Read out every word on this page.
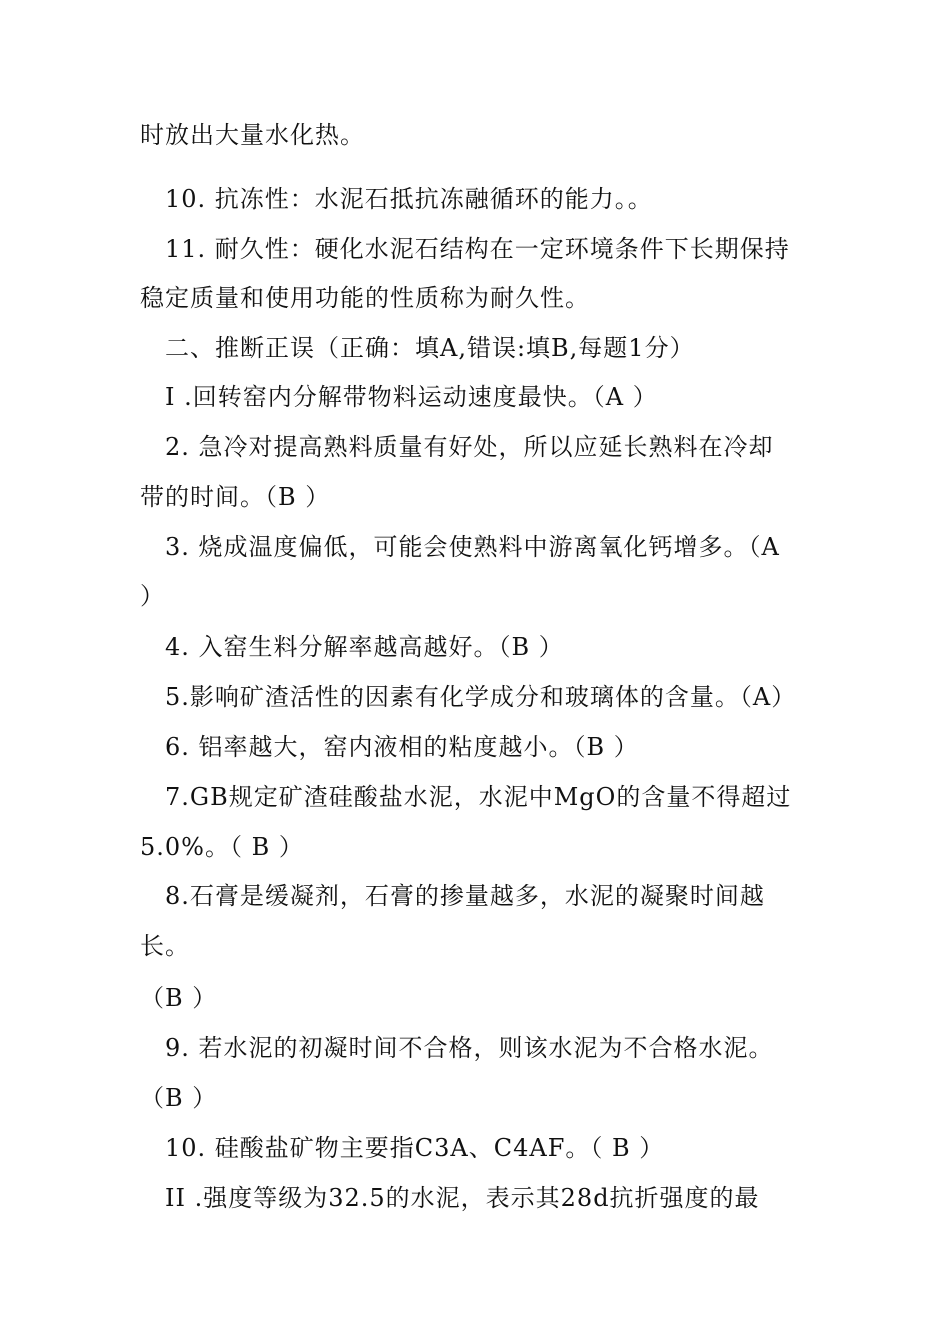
时放出大量水化热。
10. 抗冻性：水泥石抵抗冻融循环的能力。。
11. 耐久性：硬化水泥石结构在一定环境条件下长期保持
稳定质量和使用功能的性质称为耐久性。
二、推断正误（正确：填A,错误:填B,每题1分）
I .回转窑内分解带物料运动速度最快。（A ）
2. 急冷对提高熟料质量有好处，所以应延长熟料在冷却
带的时间。（B ）
3. 烧成温度偏低，可能会使熟料中游离氧化钙增多。（A
）
4. 入窑生料分解率越高越好。（B ）
5.影响矿渣活性的因素有化学成分和玻璃体的含量。（A）
6. 铝率越大，窑内液相的粘度越小。（B ）
7.GB规定矿渣硅酸盐水泥，水泥中MgO的含量不得超过
5.0%。（ B ）
8.石膏是缓凝剂，石膏的掺量越多，水泥的凝聚时间越
长。
（B ）
9. 若水泥的初凝时间不合格，则该水泥为不合格水泥。
（B ）
10. 硅酸盐矿物主要指C3A、C4AF。（ B ）
II .强度等级为32.5的水泥，表示其28d抗折强度的最
